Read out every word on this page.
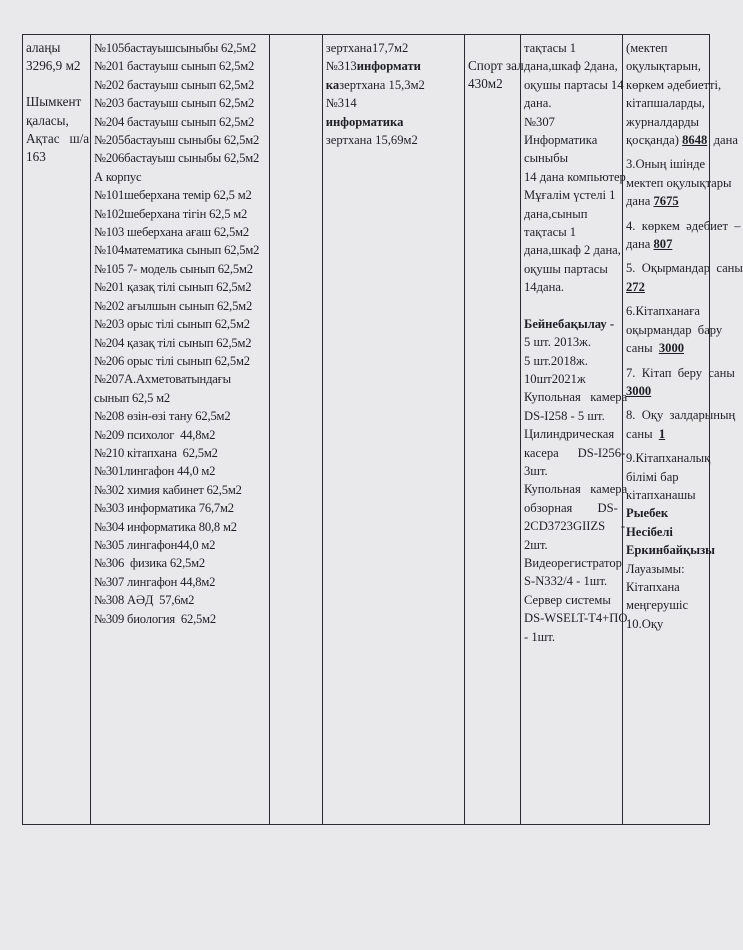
алаңы
3296,9 м2
Шымкент
қаласы,
Ақтас   ш/а
163
№105бастауышсыныбы 62,5м2
№201 бастауыш сынып 62,5м2
№202 бастауыш сынып 62,5м2
№203 бастауыш сынып 62,5м2
№204 бастауыш сынып 62,5м2
№205бастауыш сыныбы 62,5м2
№206бастауыш сыныбы 62,5м2
А корпус
№101шеберхана темір 62,5 м2
№102шеберхана тігін 62,5 м2
№103 шеберхана ағаш 62,5м2
№104математика сынып 62,5м2
№105 7- модель сынып 62,5м2
№201 қазақ тілі сынып 62,5м2
№202 ағылшын сынып 62,5м2
№203 орыс тілі сынып 62,5м2
№204 қазақ тілі сынып 62,5м2
№206 орыс тілі сынып 62,5м2
№207А.Ахметоватындағы
сынып 62,5 м2
№208 өзін-өзі тану 62,5м2
№209 психолог  44,8м2
№210 кітапхана  62,5м2
№301лингафон 44,0 м2
№302 химия кабинет 62,5м2
№303 информатика 76,7м2
№304 информатика 80,8 м2
№305 лингафон44,0 м2
№306  физика 62,5м2
№307 лингафон 44,8м2
№308 АӘД  57,6м2
№309 биология  62,5м2
зертхана17,7м2
№313информати
казертхана 15,3м2
№314
информатика
зертхана 15,69м2
Спорт зал
430м2
тақтасы 1
дана,шкаф 2дана,
оқушы партасы 14
дана.
№307
Информатика
сыныбы
14 дана компьютер
Мұғалім үстелі 1
дана,сынып
тақтасы 1
дана,шкаф 2 дана,
оқушы партасы
14дана.
Бейнебақылау -
5 шт. 2013ж.
5 шт.2018ж.
10шт2021ж
Купольная   камера
DS-I258 - 5 шт.
Цилиндрическая
касера      DS-I256-
3шт.
Купольная   камера
обзорная        DS-
2CD3723GIIZS     -
2шт.
Видеорегистратор
S-N332/4 - 1шт.
Сервер системы
DS-WSELT-T4+ПО
- 1шт.
(мектеп
оқулықтарын,
көркем әдебиетті,
кітапшаларды,
журналдарды
қосқанда) 8648  дана
3.Оның ішінде
мектеп оқулықтары
дана 7675
4.  көркем  әдебиет  –
дана 807
5.  Оқырмандар  саны
272
6.Кітапханаға
оқырмандар  бару
саны  3000
7.  Кітап  беру  саны
3000
8.  Оқу  залдарының
саны  1
9.Кітапханалық
білімі бар
кітапханашы
Рыебек
Несібелі
Еркинбайқызы
Лауазымы:
Кітапхана
меңгерушіс
10.Оқу
